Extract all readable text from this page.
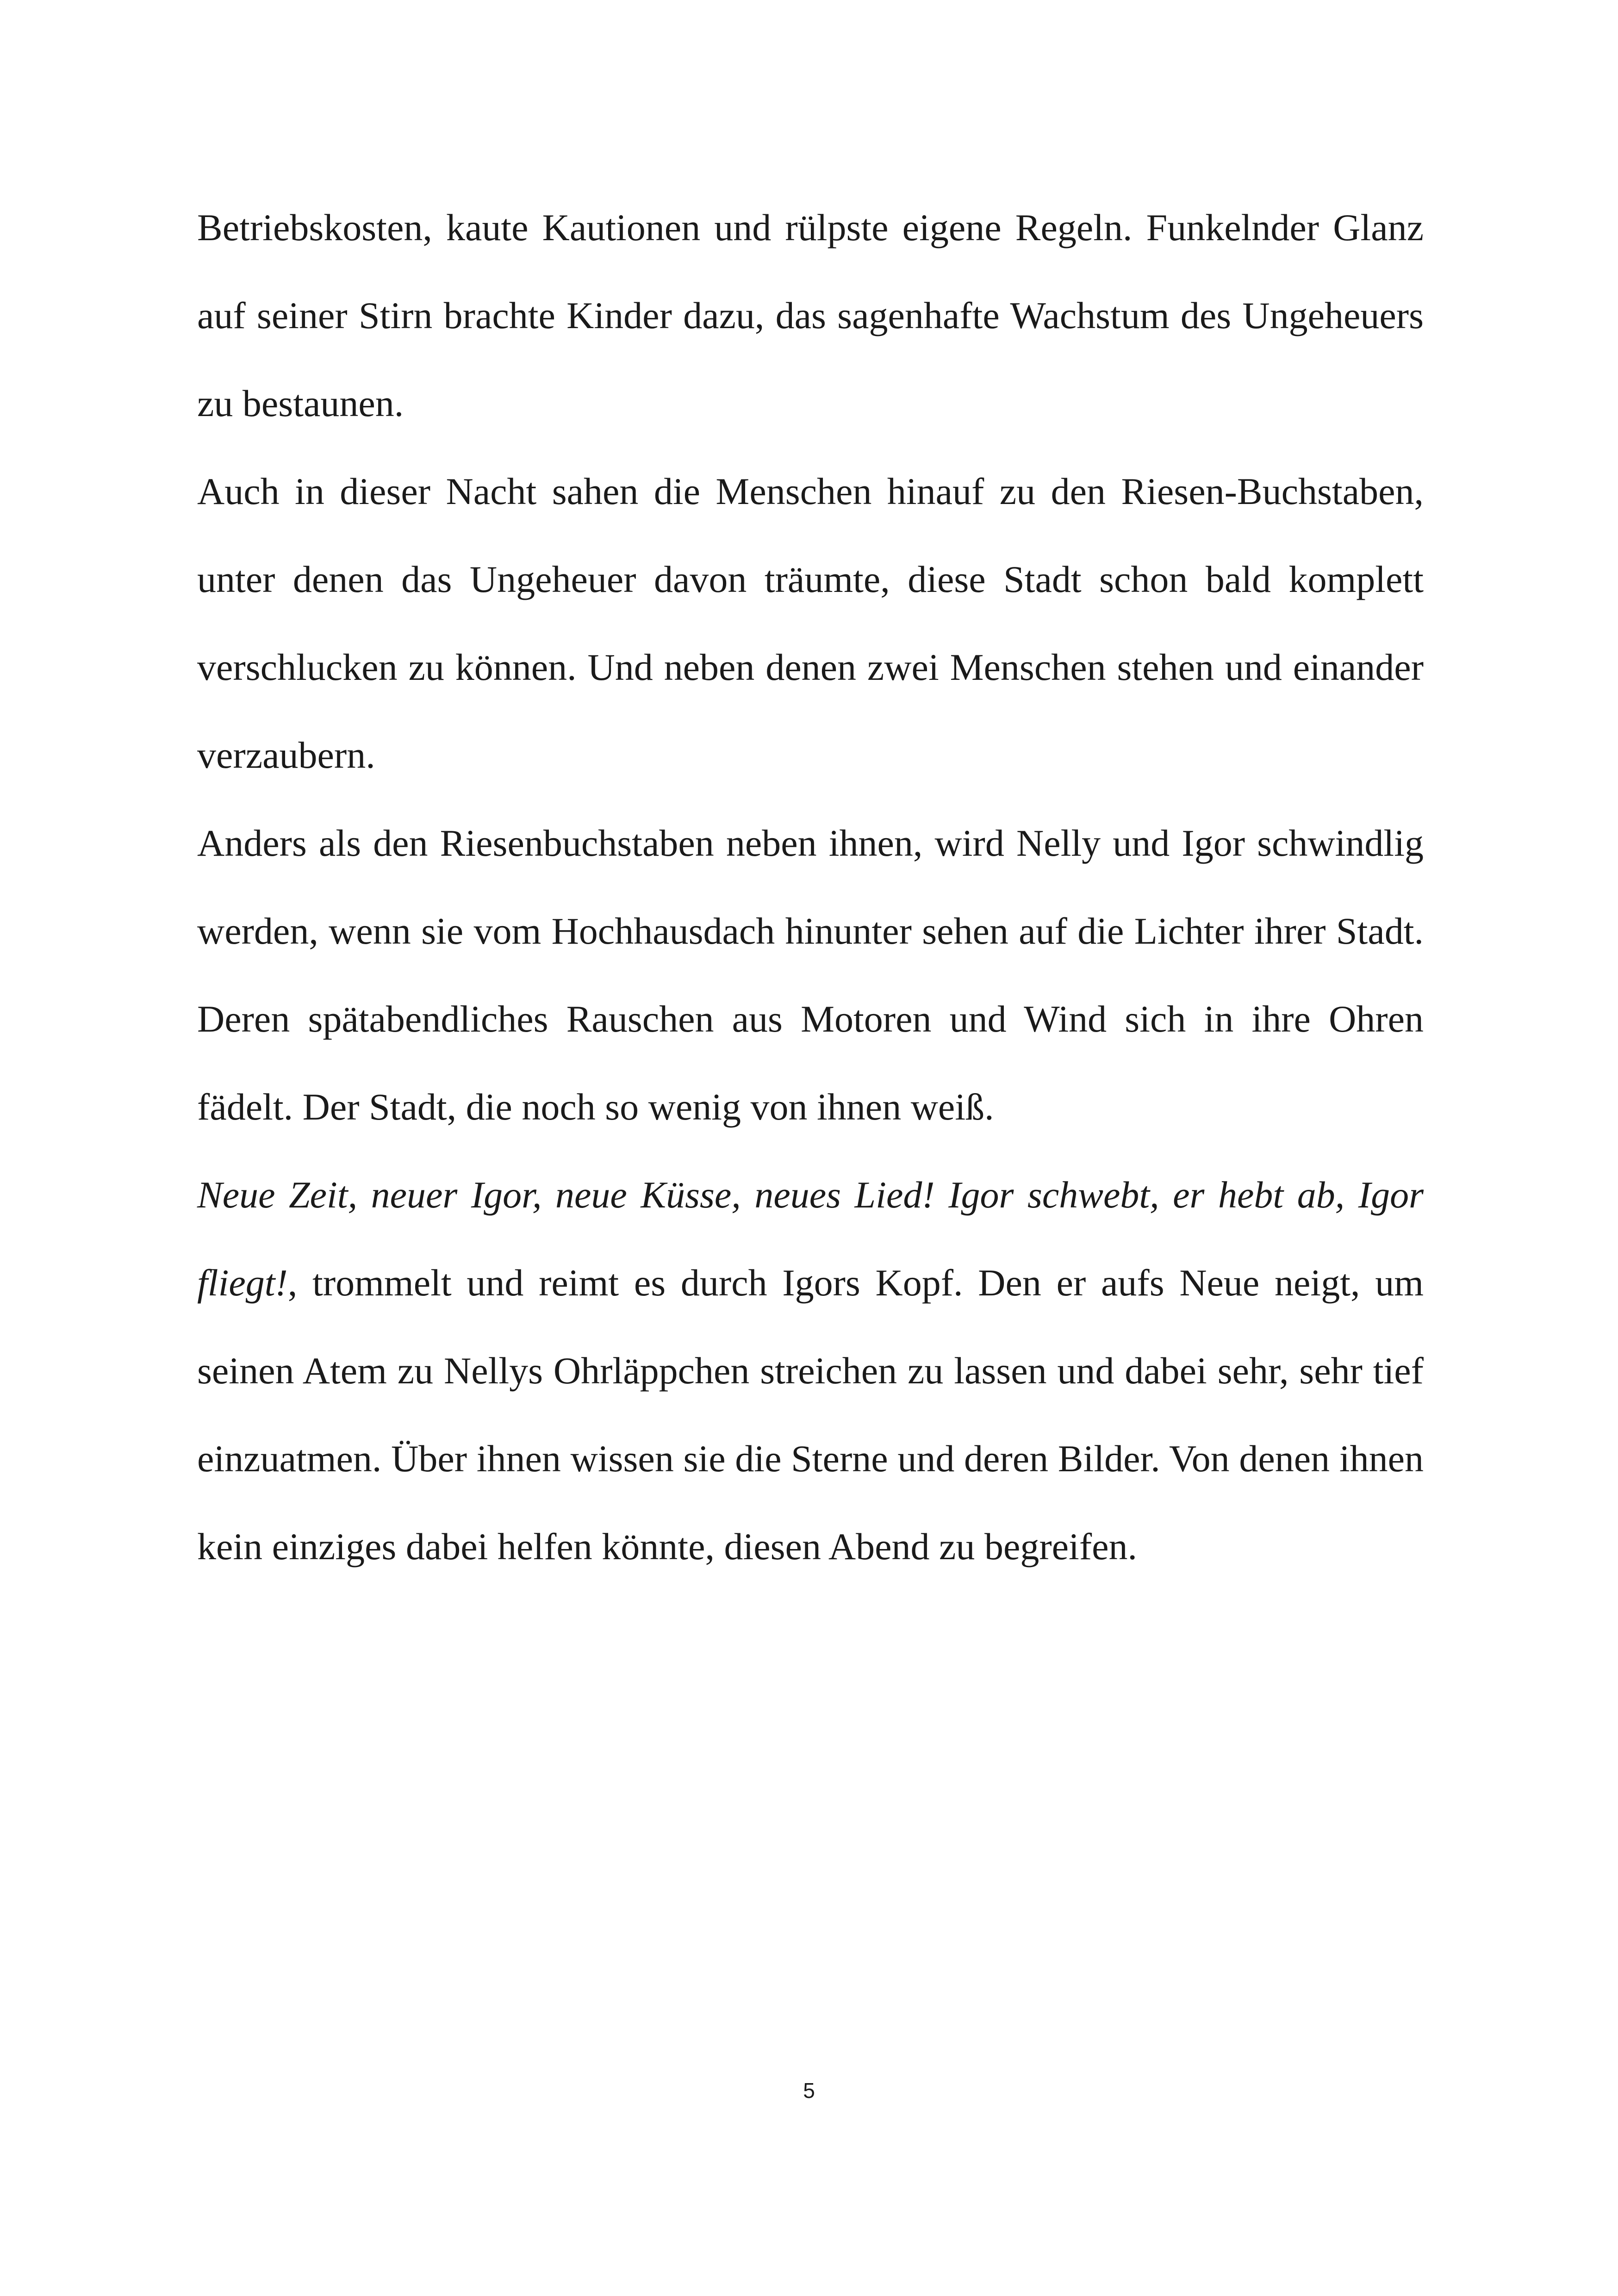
Betriebskosten, kaute Kautionen und rülpste eigene Regeln. Funkelnder Glanz auf seiner Stirn brachte Kinder dazu, das sagenhafte Wachstum des Ungeheuers zu bestaunen.

Auch in dieser Nacht sahen die Menschen hinauf zu den Riesen-Buchstaben, unter denen das Ungeheuer davon träumte, diese Stadt schon bald komplett verschlucken zu können. Und neben denen zwei Menschen stehen und einander verzaubern.

Anders als den Riesenbuchstaben neben ihnen, wird Nelly und Igor schwindlig werden, wenn sie vom Hochhausdach hinunter sehen auf die Lichter ihrer Stadt. Deren spätabendliches Rauschen aus Motoren und Wind sich in ihre Ohren fädelt. Der Stadt, die noch so wenig von ihnen weiß.

Neue Zeit, neuer Igor, neue Küsse, neues Lied! Igor schwebt, er hebt ab, Igor fliegt!, trommelt und reimt es durch Igors Kopf. Den er aufs Neue neigt, um seinen Atem zu Nellys Ohrläppchen streichen zu lassen und dabei sehr, sehr tief einzuatmen. Über ihnen wissen sie die Sterne und deren Bilder. Von denen ihnen kein einziges dabei helfen könnte, diesen Abend zu begreifen.

5
